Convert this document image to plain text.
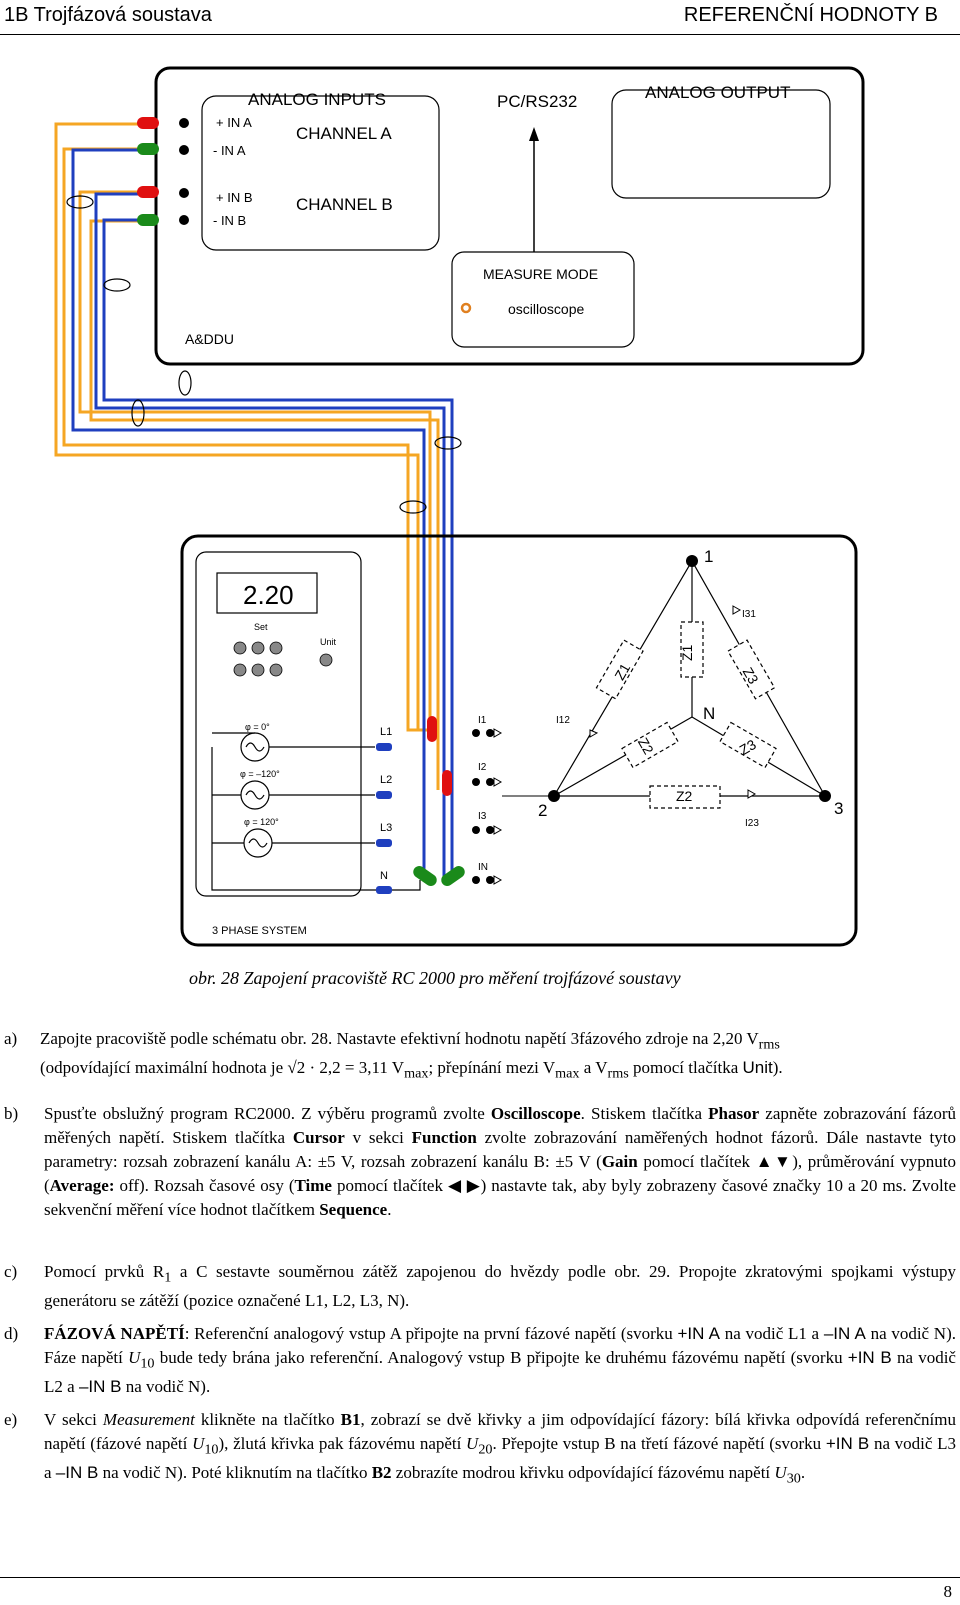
1B Trojfázová soustava	REFERENČNÍ HODNOTY B
ANALOG INPUTS
+ IN A
- IN A
CHANNEL A
+ IN B
- IN B
CHANNEL B
PC/RS232	ANALOG OUTPUT
MEASURE MODE
oscilloscope
A&DDU
2.20
Set
Unit
φ = 0°
φ = –120°
φ = 120°
L1
L2
L3
N
I1
I2
I3
IN
1
2	3
N
Z1
Z1
Z3
Z2	Z3
Z2
I12
I23
I31
3 PHASE SYSTEM
obr. 28 Zapojení pracoviště RC 2000 pro měření trojfázové soustavy
a) Zapojte pracoviště podle schématu obr. 28. Nastavte efektivní hodnotu napětí 3fázového zdroje na 2,20 $V_{rms}$
(odpovídající maximální hodnota je √2 · 2,2 = 3,11 $V_{max}$; přepínání mezi $V_{max}$ a $V_{rms}$ pomocí tlačítka Unit).
b) Spusťte obslužný program RC2000. Z výběru programů zvolte Oscilloscope. Stiskem tlačítka Phasor zapněte zobrazování fázorů měřených napětí. Stiskem tlačítka Cursor v sekci Function zvolte zobrazování naměřených hodnot fázorů. Dále nastavte tyto parametry: rozsah zobrazení kanálu A: ±5 V, rozsah zobrazení kanálu B: ±5 V (Gain pomocí tlačítek ▲▼), průměrování vypnuto (Average: off). Rozsah časové osy (Time pomocí tlačítek ◀ ▶) nastavte tak, aby byly zobrazeny časové značky 10 a 20 ms. Zvolte sekvenční měření více hodnot tlačítkem Sequence.
c) Pomocí prvků $R_1$ a C sestavte souměrnou zátěž zapojenou do hvězdy podle obr. 29. Propojte zkratovými spojkami výstupy generátoru se zátěží (pozice označené L1, L2, L3, N).
d) FÁZOVÁ NAPĚTÍ: Referenční analogový vstup A připojte na první fázové napětí (svorku +IN A na vodič L1 a –IN A na vodič N). Fáze napětí $U_{10}$ bude tedy brána jako referenční. Analogový vstup B připojte ke druhému fázovému napětí (svorku +IN B na vodič L2 a –IN B na vodič N).
e) V sekci Measurement klikněte na tlačítko B1, zobrazí se dvě křivky a jim odpovídající fázory: bílá křivka odpovídá referenčnímu napětí (fázové napětí $U_{10}$), žlutá křivka pak fázovému napětí $U_{20}$. Přepojte vstup B na třetí fázové napětí (svorku +IN B na vodič L3 a –IN B na vodič N). Poté kliknutím na tlačítko B2 zobrazíte modrou křivku odpovídající fázovému napětí $U_{30}$.
8
